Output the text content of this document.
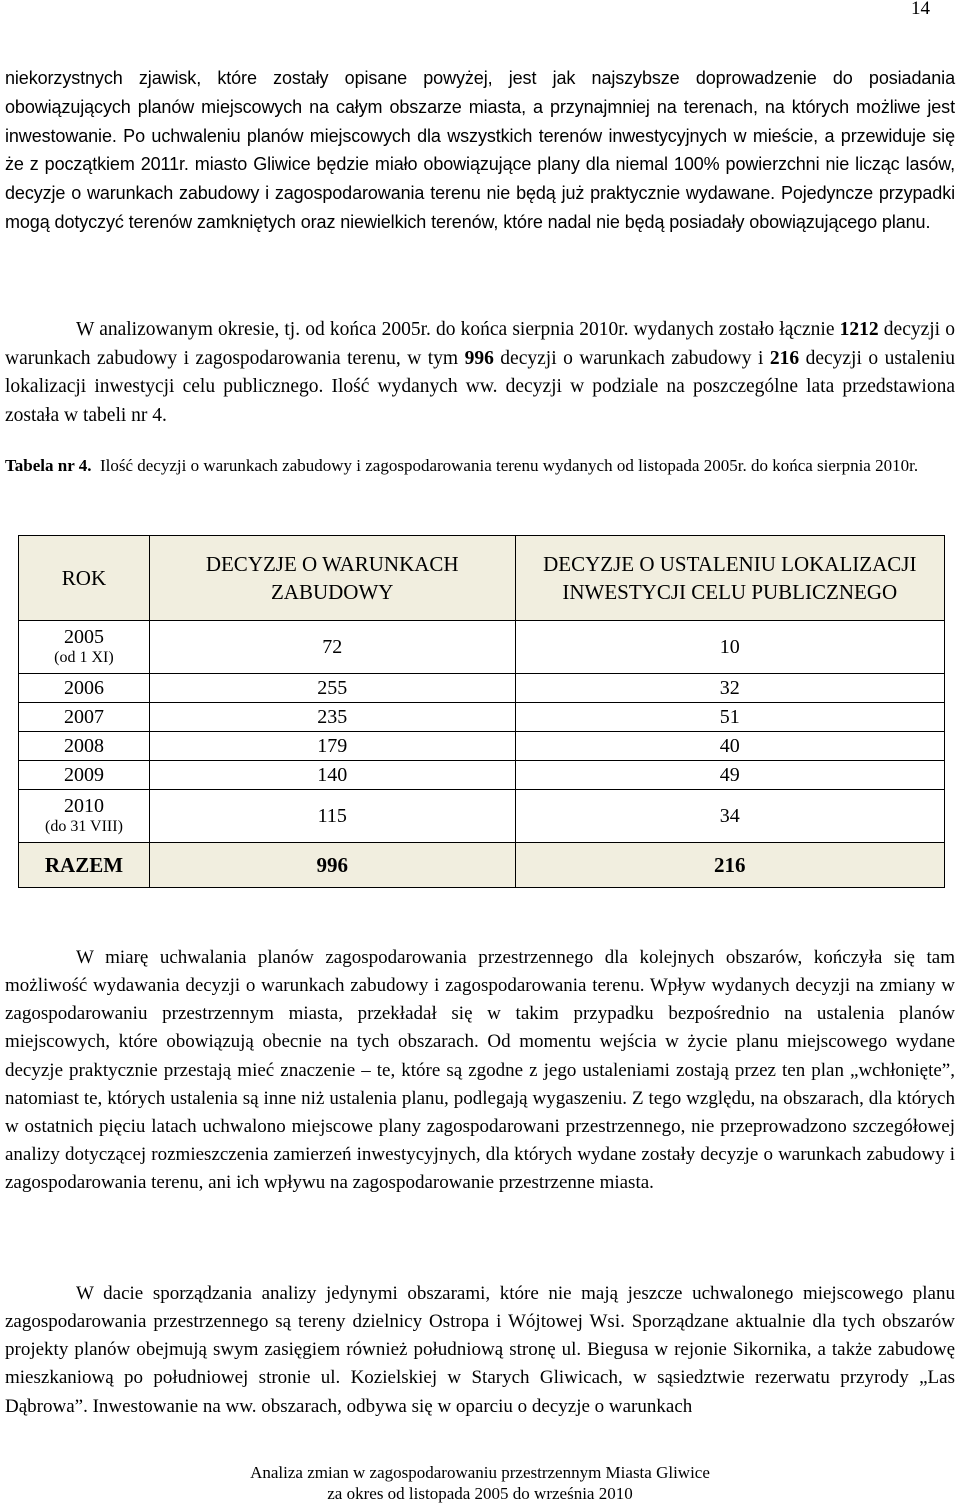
14

niekorzystnych zjawisk, które zostały opisane powyżej, jest jak najszybsze doprowadzenie do posiadania obowiązujących planów miejscowych na całym obszarze miasta, a przynajmniej na terenach, na których możliwe jest inwestowanie. Po uchwaleniu planów miejscowych dla wszystkich terenów inwestycyjnych w mieście, a przewiduje się że z początkiem 2011r. miasto Gliwice będzie miało obowiązujące plany dla niemal 100% powierzchni nie licząc lasów, decyzje o warunkach zabudowy i zagospodarowania terenu nie będą już praktycznie wydawane. Pojedyncze przypadki mogą dotyczyć terenów zamkniętych oraz niewielkich terenów, które nadal nie będą posiadały obowiązującego planu.

W analizowanym okresie, tj. od końca 2005r. do końca sierpnia 2010r. wydanych zostało łącznie 1212 decyzji o warunkach zabudowy i zagospodarowania terenu, w tym 996 decyzji o warunkach zabudowy i 216 decyzji o ustaleniu lokalizacji inwestycji celu publicznego. Ilość wydanych ww. decyzji w podziale na poszczególne lata przedstawiona została w tabeli nr 4.

Tabela nr 4. Ilość decyzji o warunkach zabudowy i zagospodarowania terenu wydanych od listopada 2005r. do końca sierpnia 2010r.
ROK	DECYZJE O WARUNKACH ZABUDOWY	DECYZJE O USTALENIU LOKALIZACJI INWESTYCJI CELU PUBLICZNEGO

2005
(od 1 XI)	72	10
2006	255	32
2007	235	51
2008	179	40
2009	140	49

2010
(do 31 VIII)	115	34
RAZEM	996	216

W miarę uchwalania planów zagospodarowania przestrzennego dla kolejnych obszarów, kończyła się tam możliwość wydawania decyzji o warunkach zabudowy i zagospodarowania terenu. Wpływ wydanych decyzji na zmiany w zagospodarowaniu przestrzennym miasta, przekładał się w takim przypadku bezpośrednio na ustalenia planów miejscowych, które obowiązują obecnie na tych obszarach. Od momentu wejścia w życie planu miejscowego wydane decyzje praktycznie przestają mieć znaczenie – te, które są zgodne z jego ustaleniami zostają przez ten plan „wchłonięte”, natomiast te, których ustalenia są inne niż ustalenia planu, podlegają wygaszeniu. Z tego względu, na obszarach, dla których w ostatnich pięciu latach uchwalono miejscowe plany zagospodarowani przestrzennego, nie przeprowadzono szczegółowej analizy dotyczącej rozmieszczenia zamierzeń inwestycyjnych, dla których wydane zostały decyzje o warunkach zabudowy i zagospodarowania terenu, ani ich wpływu na zagospodarowanie przestrzenne miasta.

W dacie sporządzania analizy jedynymi obszarami, które nie mają jeszcze uchwalonego miejscowego planu zagospodarowania przestrzennego są tereny dzielnicy Ostropa i Wójtowej Wsi. Sporządzane aktualnie dla tych obszarów projekty planów obejmują swym zasięgiem również południową stronę ul. Biegusa w rejonie Sikornika, a także zabudowę mieszkaniową po południowej stronie ul. Kozielskiej w Starych Gliwicach, w sąsiedztwie rezerwatu przyrody „Las Dąbrowa”. Inwestowanie na ww. obszarach, odbywa się w oparciu o decyzje o warunkach

Analiza zmian w zagospodarowaniu przestrzennym Miasta Gliwice
za okres od listopada 2005 do września 2010
